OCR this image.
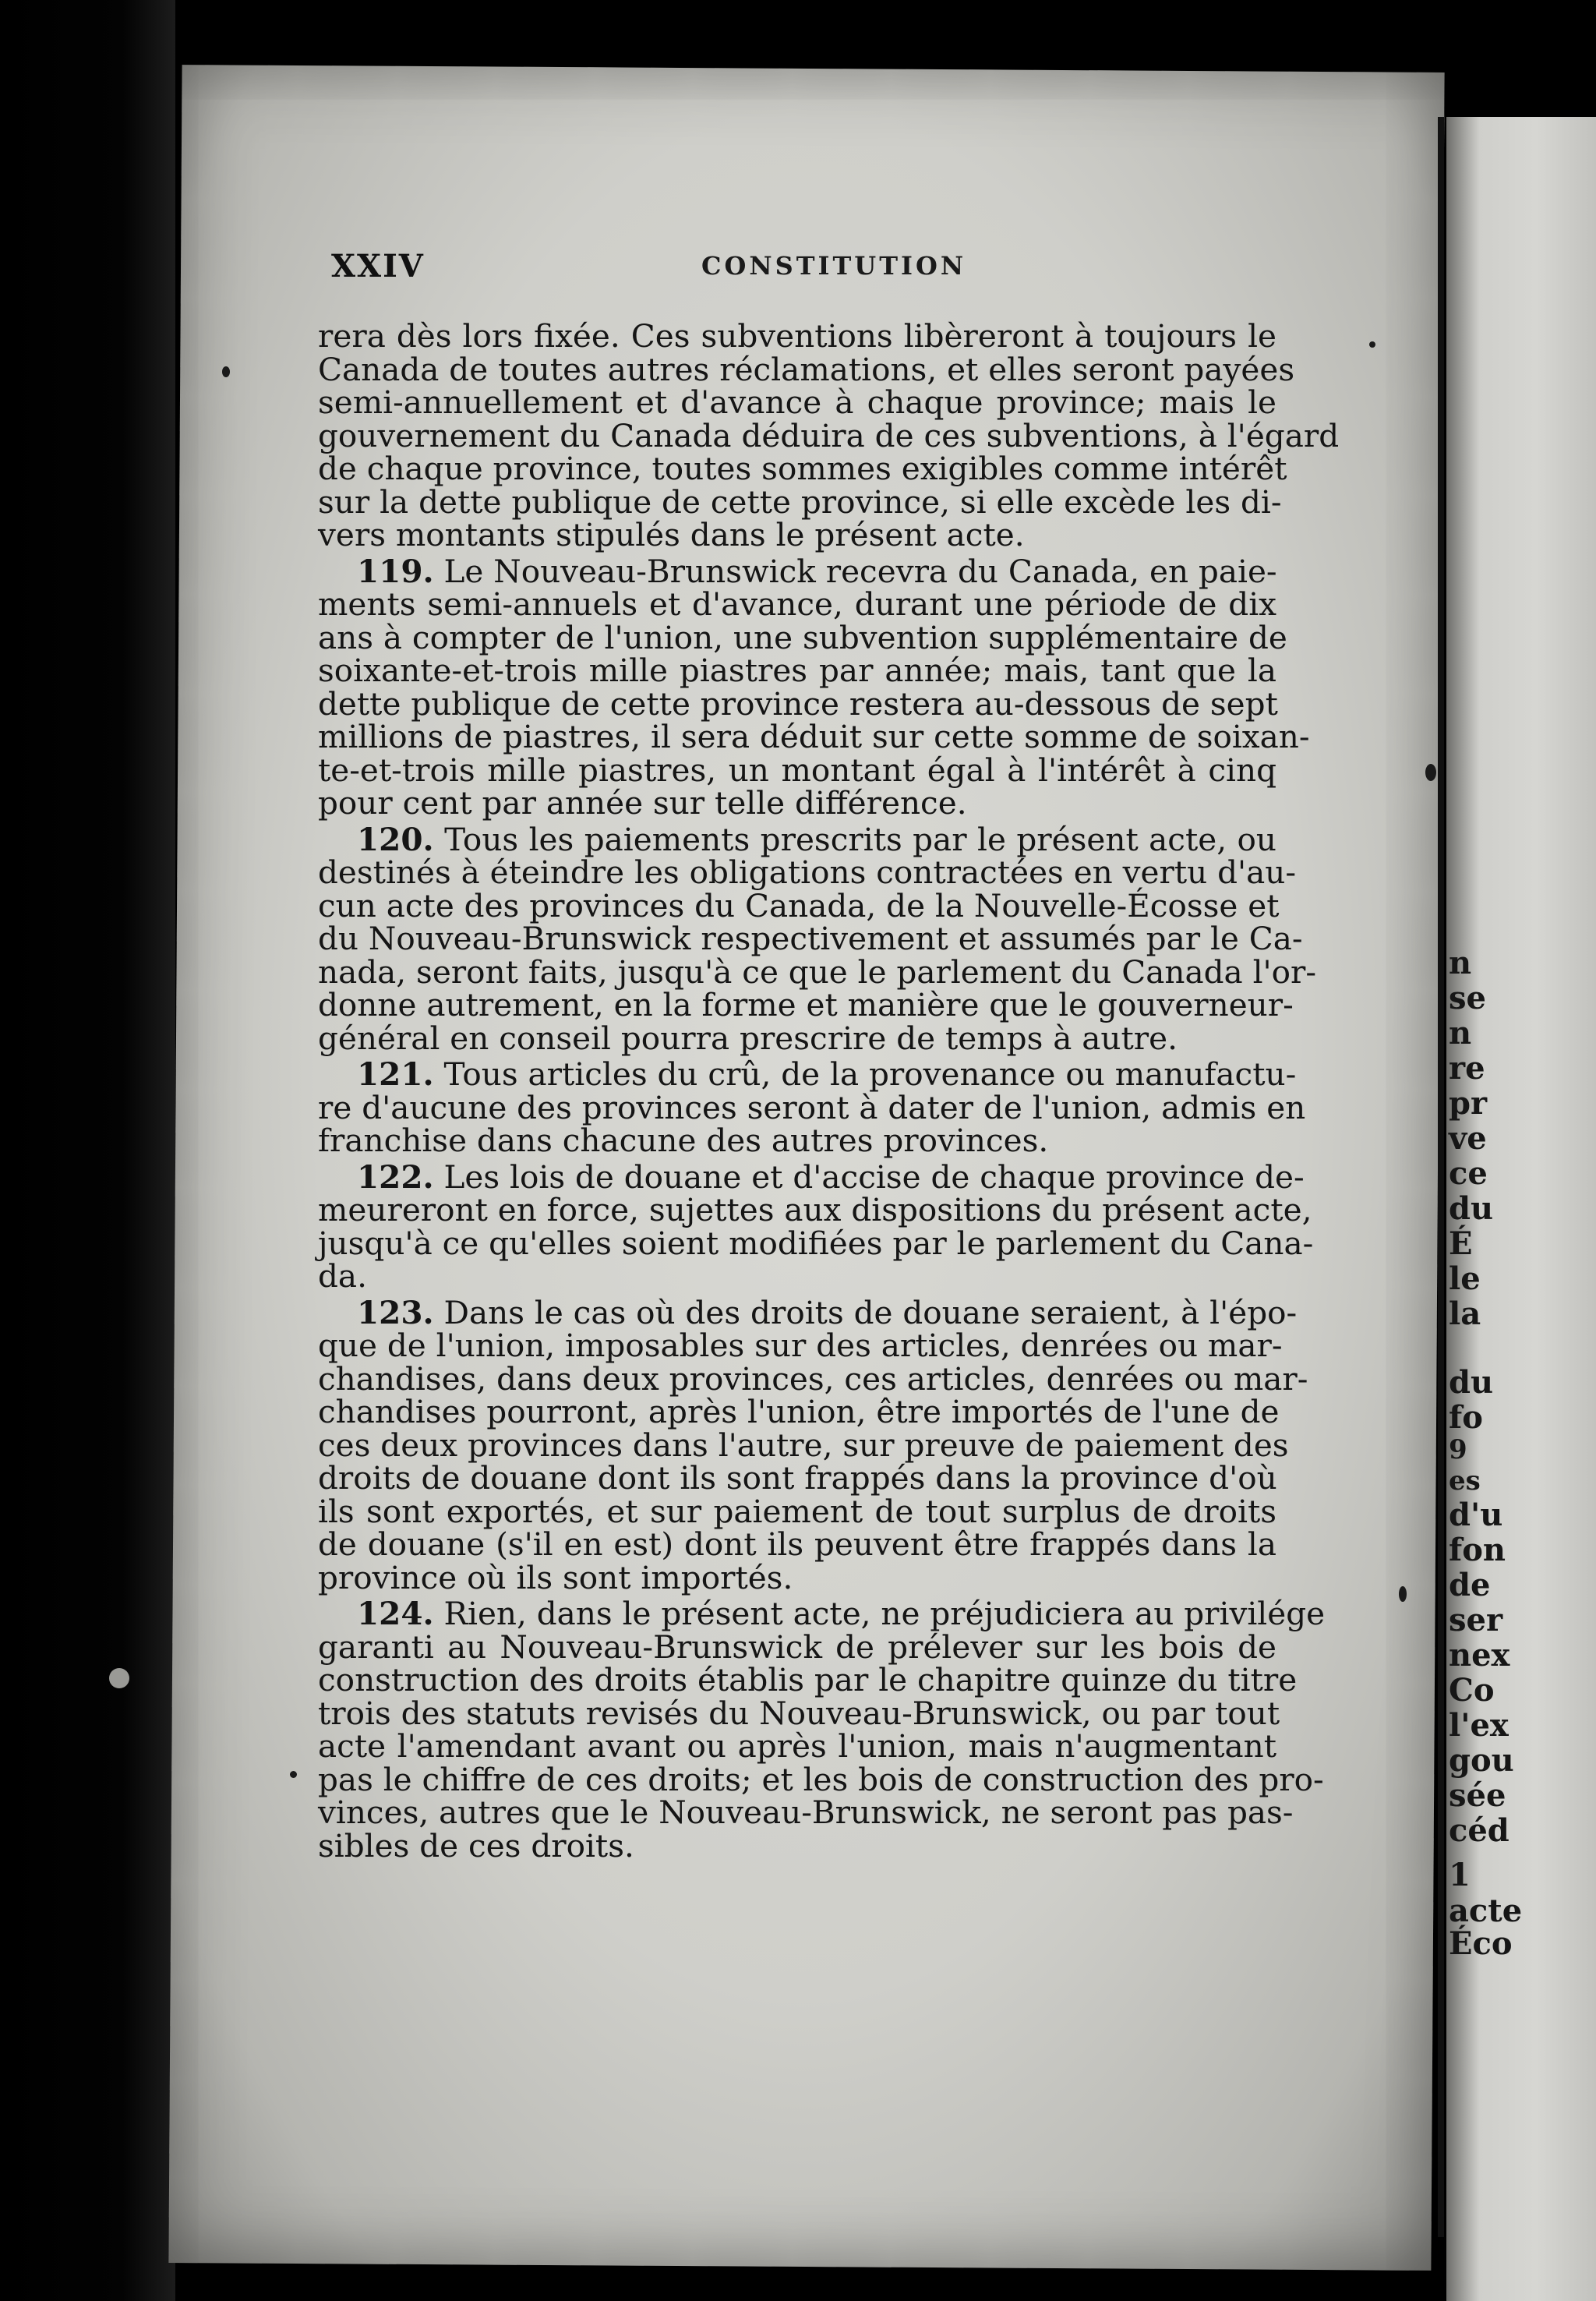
n

se

n

re

pr

ve

ce

du

É

le

la

du

fo

9

es

d'u

fon

de

ser

nex

Co

l'ex

gou

sée

céd

1

acte

Éco

XXIV	CONSTITUTION
rera dès lors fixée. Ces subventions libèreront à toujours le
Canada de toutes autres réclamations, et elles seront payées
semi-annuellement et d'avance à chaque province; mais le
gouvernement du Canada déduira de ces subventions, à l'égard
de chaque province, toutes sommes exigibles comme intérêt
sur la dette publique de cette province, si elle excède les di-
vers montants stipulés dans le présent acte.
119. Le Nouveau-Brunswick recevra du Canada, en paie-
ments semi-annuels et d'avance, durant une période de dix
ans à compter de l'union, une subvention supplémentaire de
soixante-et-trois mille piastres par année; mais, tant que la
dette publique de cette province restera au-dessous de sept
millions de piastres, il sera déduit sur cette somme de soixan-
te-et-trois mille piastres, un montant égal à l'intérêt à cinq
pour cent par année sur telle différence.
120. Tous les paiements prescrits par le présent acte, ou
destinés à éteindre les obligations contractées en vertu d'au-
cun acte des provinces du Canada, de la Nouvelle-Écosse et
du Nouveau-Brunswick respectivement et assumés par le Ca-
nada, seront faits, jusqu'à ce que le parlement du Canada l'or-
donne autrement, en la forme et manière que le gouverneur-
général en conseil pourra prescrire de temps à autre.
121. Tous articles du crû, de la provenance ou manufactu-
re d'aucune des provinces seront à dater de l'union, admis en
franchise dans chacune des autres provinces.
122. Les lois de douane et d'accise de chaque province de-
meureront en force, sujettes aux dispositions du présent acte,
jusqu'à ce qu'elles soient modifiées par le parlement du Cana-
da.
123. Dans le cas où des droits de douane seraient, à l'épo-
que de l'union, imposables sur des articles, denrées ou mar-
chandises, dans deux provinces, ces articles, denrées ou mar-
chandises pourront, après l'union, être importés de l'une de
ces deux provinces dans l'autre, sur preuve de paiement des
droits de douane dont ils sont frappés dans la province d'où
ils sont exportés, et sur paiement de tout surplus de droits
de douane (s'il en est) dont ils peuvent être frappés dans la
province où ils sont importés.
124. Rien, dans le présent acte, ne préjudiciera au privilége
garanti au Nouveau-Brunswick de prélever sur les bois de
construction des droits établis par le chapitre quinze du titre
trois des statuts revisés du Nouveau-Brunswick, ou par tout
acte l'amendant avant ou après l'union, mais n'augmentant
pas le chiffre de ces droits; et les bois de construction des pro-
vinces, autres que le Nouveau-Brunswick, ne seront pas pas-
sibles de ces droits.
